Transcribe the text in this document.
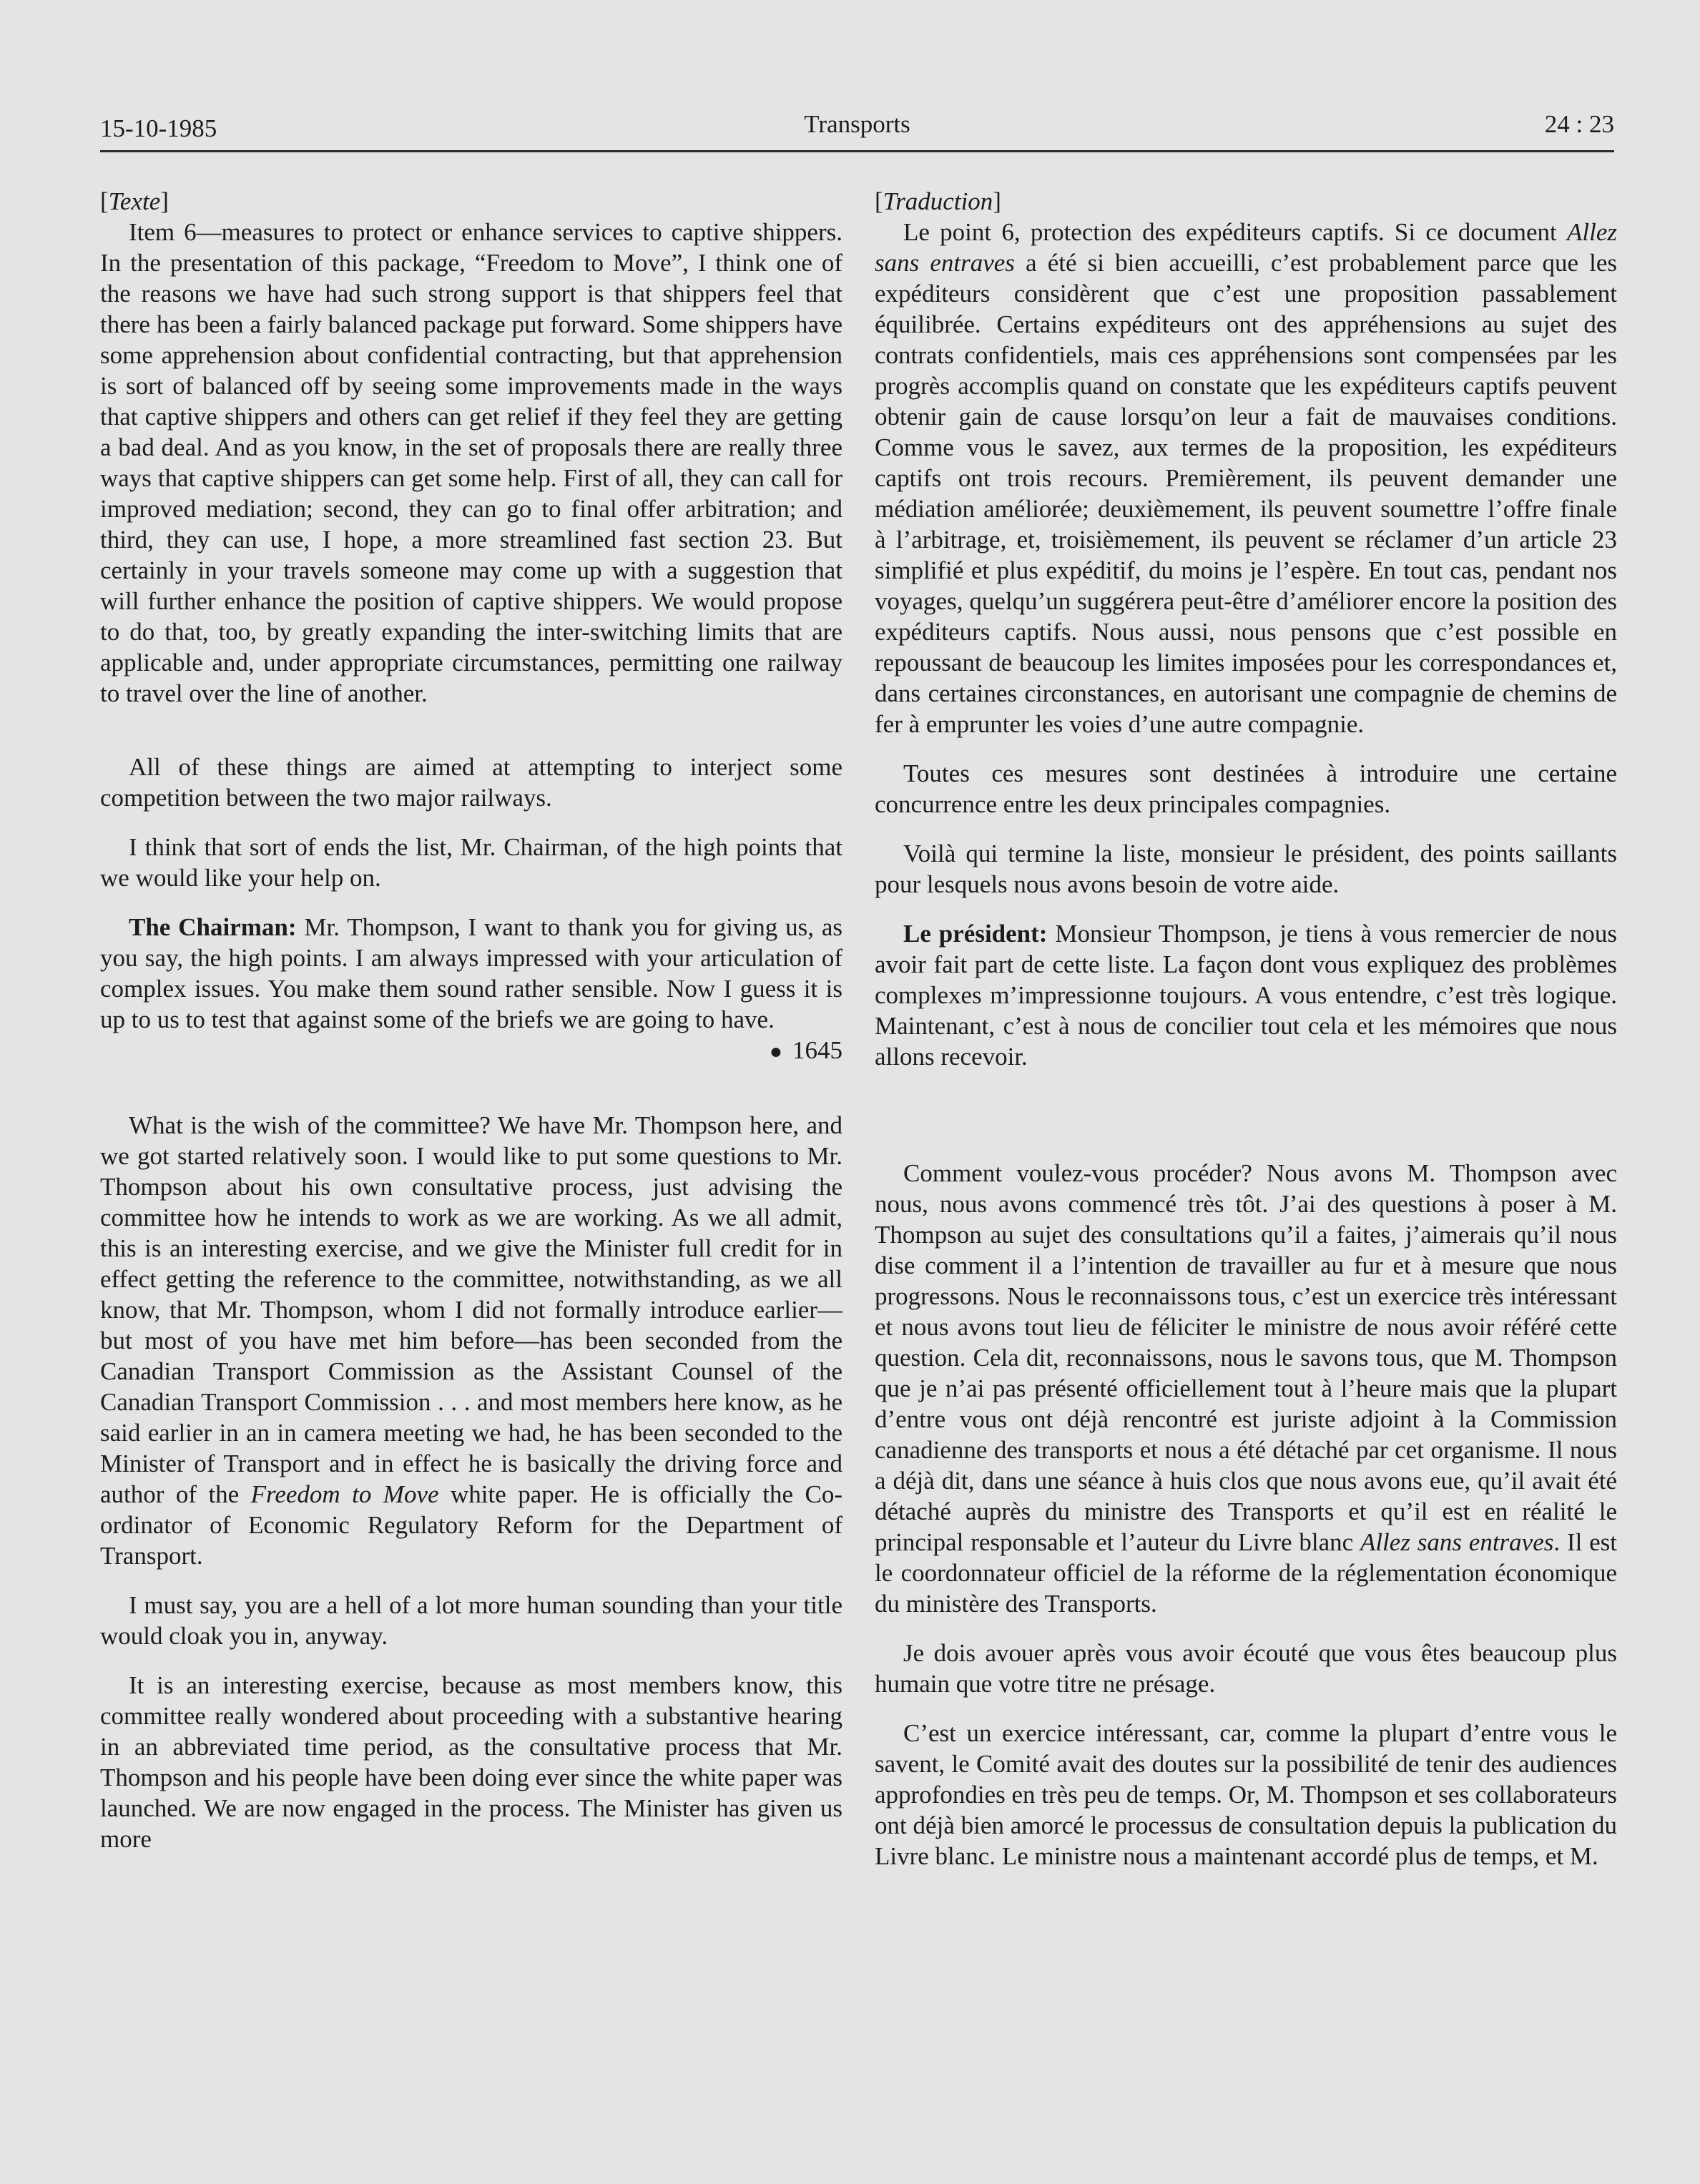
15-10-1985	Transports	24 : 23

[Texte]

Item 6—measures to protect or enhance services to captive shippers. In the presentation of this package, “Freedom to Move”, I think one of the reasons we have had such strong support is that shippers feel that there has been a fairly balanced package put forward. Some shippers have some apprehension about confidential contracting, but that apprehension is sort of balanced off by seeing some improvements made in the ways that captive shippers and others can get relief if they feel they are getting a bad deal. And as you know, in the set of proposals there are really three ways that captive shippers can get some help. First of all, they can call for improved mediation; second, they can go to final offer arbitration; and third, they can use, I hope, a more streamlined fast section 23. But certainly in your travels someone may come up with a suggestion that will further enhance the position of captive shippers. We would propose to do that, too, by greatly expanding the inter-switching limits that are applicable and, under appropriate circumstances, permitting one railway to travel over the line of another.

All of these things are aimed at attempting to interject some competition between the two major railways.

I think that sort of ends the list, Mr. Chairman, of the high points that we would like your help on.

The Chairman: Mr. Thompson, I want to thank you for giving us, as you say, the high points. I am always impressed with your articulation of complex issues. You make them sound rather sensible. Now I guess it is up to us to test that against some of the briefs we are going to have.

● 1645

What is the wish of the committee? We have Mr. Thompson here, and we got started relatively soon. I would like to put some questions to Mr. Thompson about his own consultative process, just advising the committee how he intends to work as we are working. As we all admit, this is an interesting exercise, and we give the Minister full credit for in effect getting the reference to the committee, notwithstanding, as we all know, that Mr. Thompson, whom I did not formally introduce earlier—but most of you have met him before—has been seconded from the Canadian Transport Commission as the Assistant Counsel of the Canadian Transport Commission . . . and most members here know, as he said earlier in an in camera meeting we had, he has been seconded to the Minister of Transport and in effect he is basically the driving force and author of the Freedom to Move white paper. He is officially the Co-ordinator of Economic Regulatory Reform for the Department of Transport.

I must say, you are a hell of a lot more human sounding than your title would cloak you in, anyway.

It is an interesting exercise, because as most members know, this committee really wondered about proceeding with a substantive hearing in an abbreviated time period, as the consultative process that Mr. Thompson and his people have been doing ever since the white paper was launched. We are now engaged in the process. The Minister has given us more

[Traduction]

Le point 6, protection des expéditeurs captifs. Si ce document Allez sans entraves a été si bien accueilli, c’est probablement parce que les expéditeurs considèrent que c’est une proposition passablement équilibrée. Certains expéditeurs ont des appréhensions au sujet des contrats confidentiels, mais ces appréhensions sont compensées par les progrès accomplis quand on constate que les expéditeurs captifs peuvent obtenir gain de cause lorsqu’on leur a fait de mauvaises conditions. Comme vous le savez, aux termes de la proposition, les expéditeurs captifs ont trois recours. Premièrement, ils peuvent demander une médiation améliorée; deuxièmement, ils peuvent soumettre l’offre finale à l’arbitrage, et, troisièmement, ils peuvent se réclamer d’un article 23 simplifié et plus expéditif, du moins je l’espère. En tout cas, pendant nos voyages, quelqu’un suggérera peut-être d’améliorer encore la position des expéditeurs captifs. Nous aussi, nous pensons que c’est possible en repoussant de beaucoup les limites imposées pour les correspondances et, dans certaines circonstances, en autorisant une compagnie de chemins de fer à emprunter les voies d’une autre compagnie.

Toutes ces mesures sont destinées à introduire une certaine concurrence entre les deux principales compagnies.

Voilà qui termine la liste, monsieur le président, des points saillants pour lesquels nous avons besoin de votre aide.

Le président: Monsieur Thompson, je tiens à vous remercier de nous avoir fait part de cette liste. La façon dont vous expliquez des problèmes complexes m’impressionne toujours. A vous entendre, c’est très logique. Maintenant, c’est à nous de concilier tout cela et les mémoires que nous allons recevoir.

Comment voulez-vous procéder? Nous avons M. Thompson avec nous, nous avons commencé très tôt. J’ai des questions à poser à M. Thompson au sujet des consultations qu’il a faites, j’aimerais qu’il nous dise comment il a l’intention de travailler au fur et à mesure que nous progressons. Nous le reconnaissons tous, c’est un exercice très intéressant et nous avons tout lieu de féliciter le ministre de nous avoir référé cette question. Cela dit, reconnaissons, nous le savons tous, que M. Thompson que je n’ai pas présenté officiellement tout à l’heure mais que la plupart d’entre vous ont déjà rencontré est juriste adjoint à la Commission canadienne des transports et nous a été détaché par cet organisme. Il nous a déjà dit, dans une séance à huis clos que nous avons eue, qu’il avait été détaché auprès du ministre des Transports et qu’il est en réalité le principal responsable et l’auteur du Livre blanc Allez sans entraves. Il est le coordonnateur officiel de la réforme de la réglementation économique du ministère des Transports.

Je dois avouer après vous avoir écouté que vous êtes beaucoup plus humain que votre titre ne présage.

C’est un exercice intéressant, car, comme la plupart d’entre vous le savent, le Comité avait des doutes sur la possibilité de tenir des audiences approfondies en très peu de temps. Or, M. Thompson et ses collaborateurs ont déjà bien amorcé le processus de consultation depuis la publication du Livre blanc. Le ministre nous a maintenant accordé plus de temps, et M.
